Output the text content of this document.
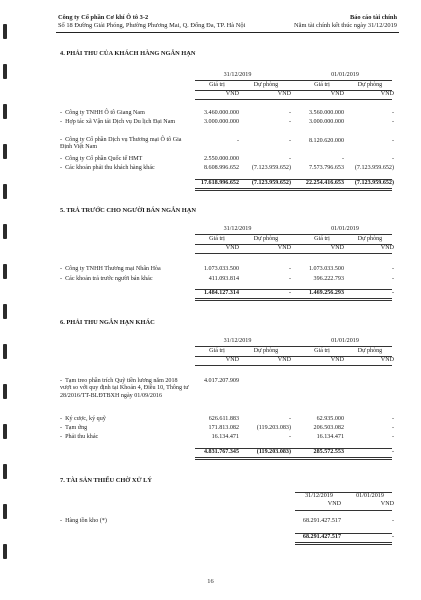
Công ty Cổ phần Cơ khí Ô tô 3-2
Số 18 Đường Giải Phóng, Phường Phương Mai, Q. Đống Đa, TP. Hà Nội
Báo cáo tài chính
Năm tài chính kết thúc ngày 31/12/2019
4. PHẢI THU CỦA KHÁCH HÀNG NGẮN HẠN
31/12/2019	01/01/2019
Giá trị	Dự phòng	Giá trị	Dự phòng
VND	VND	VND	VND
-  Công ty TNHH Ô tô Giang Nam	3.460.000.000	-	3.560.000.000	-
-  Hợp tác xã Vận tải Dịch vụ Du lịch Đại Nam	3.000.000.000	-	3.000.000.000	-
-  Công ty Cổ phần Dịch vụ Thương mại Ô tô Gia Định Việt Nam
-	-	8.120.620.000	-
-  Công ty Cổ phần Quốc tế HMT	2.550.000.000	-	-	-
-  Các khoản phải thu khách hàng khác	8.608.996.652	(7.123.959.652)	7.573.796.653	(7.123.959.652)
17.618.996.652	(7.123.959.652)	22.254.416.653	(7.123.959.652)
5. TRẢ TRƯỚC CHO NGƯỜI BÁN NGẮN HẠN
31/12/2019	01/01/2019
Giá trị	Dự phòng	Giá trị	Dự phòng
VND	VND	VND	VND
-  Công ty TNHH Thương mại Nhân Hòa	1.073.033.500	-	1.073.033.500	-
-  Các khoản trả trước người bán khác	411.093.814	-	396.222.793	-
1.484.127.314	-	1.469.256.293	-
6. PHẢI THU NGẮN HẠN KHÁC
31/12/2019	01/01/2019
Giá trị	Dự phòng	Giá trị	Dự phòng
VND	VND	VND	VND
-  Tạm treo phần trích Quỹ tiền lương năm 2018 vượt so với quy định tại Khoản 4, Điều 10, Thông tư 28/2016/TT-BLĐTBXH ngày 01/09/2016
4.017.207.909
-  Ký cược, ký quỹ	626.611.883	-	62.935.000	-
-  Tạm ứng	171.813.082	(119.203.083)	206.503.082	-
-  Phải thu khác	16.134.471	-	16.134.471	-
4.831.767.345	(119.203.083)	285.572.553	-
7. TÀI SẢN THIẾU CHỜ XỬ LÝ
31/12/2019	01/01/2019
VND	VND
-  Hàng tồn kho (*)	68.291.427.517	-
68.291.427.517	-
16
